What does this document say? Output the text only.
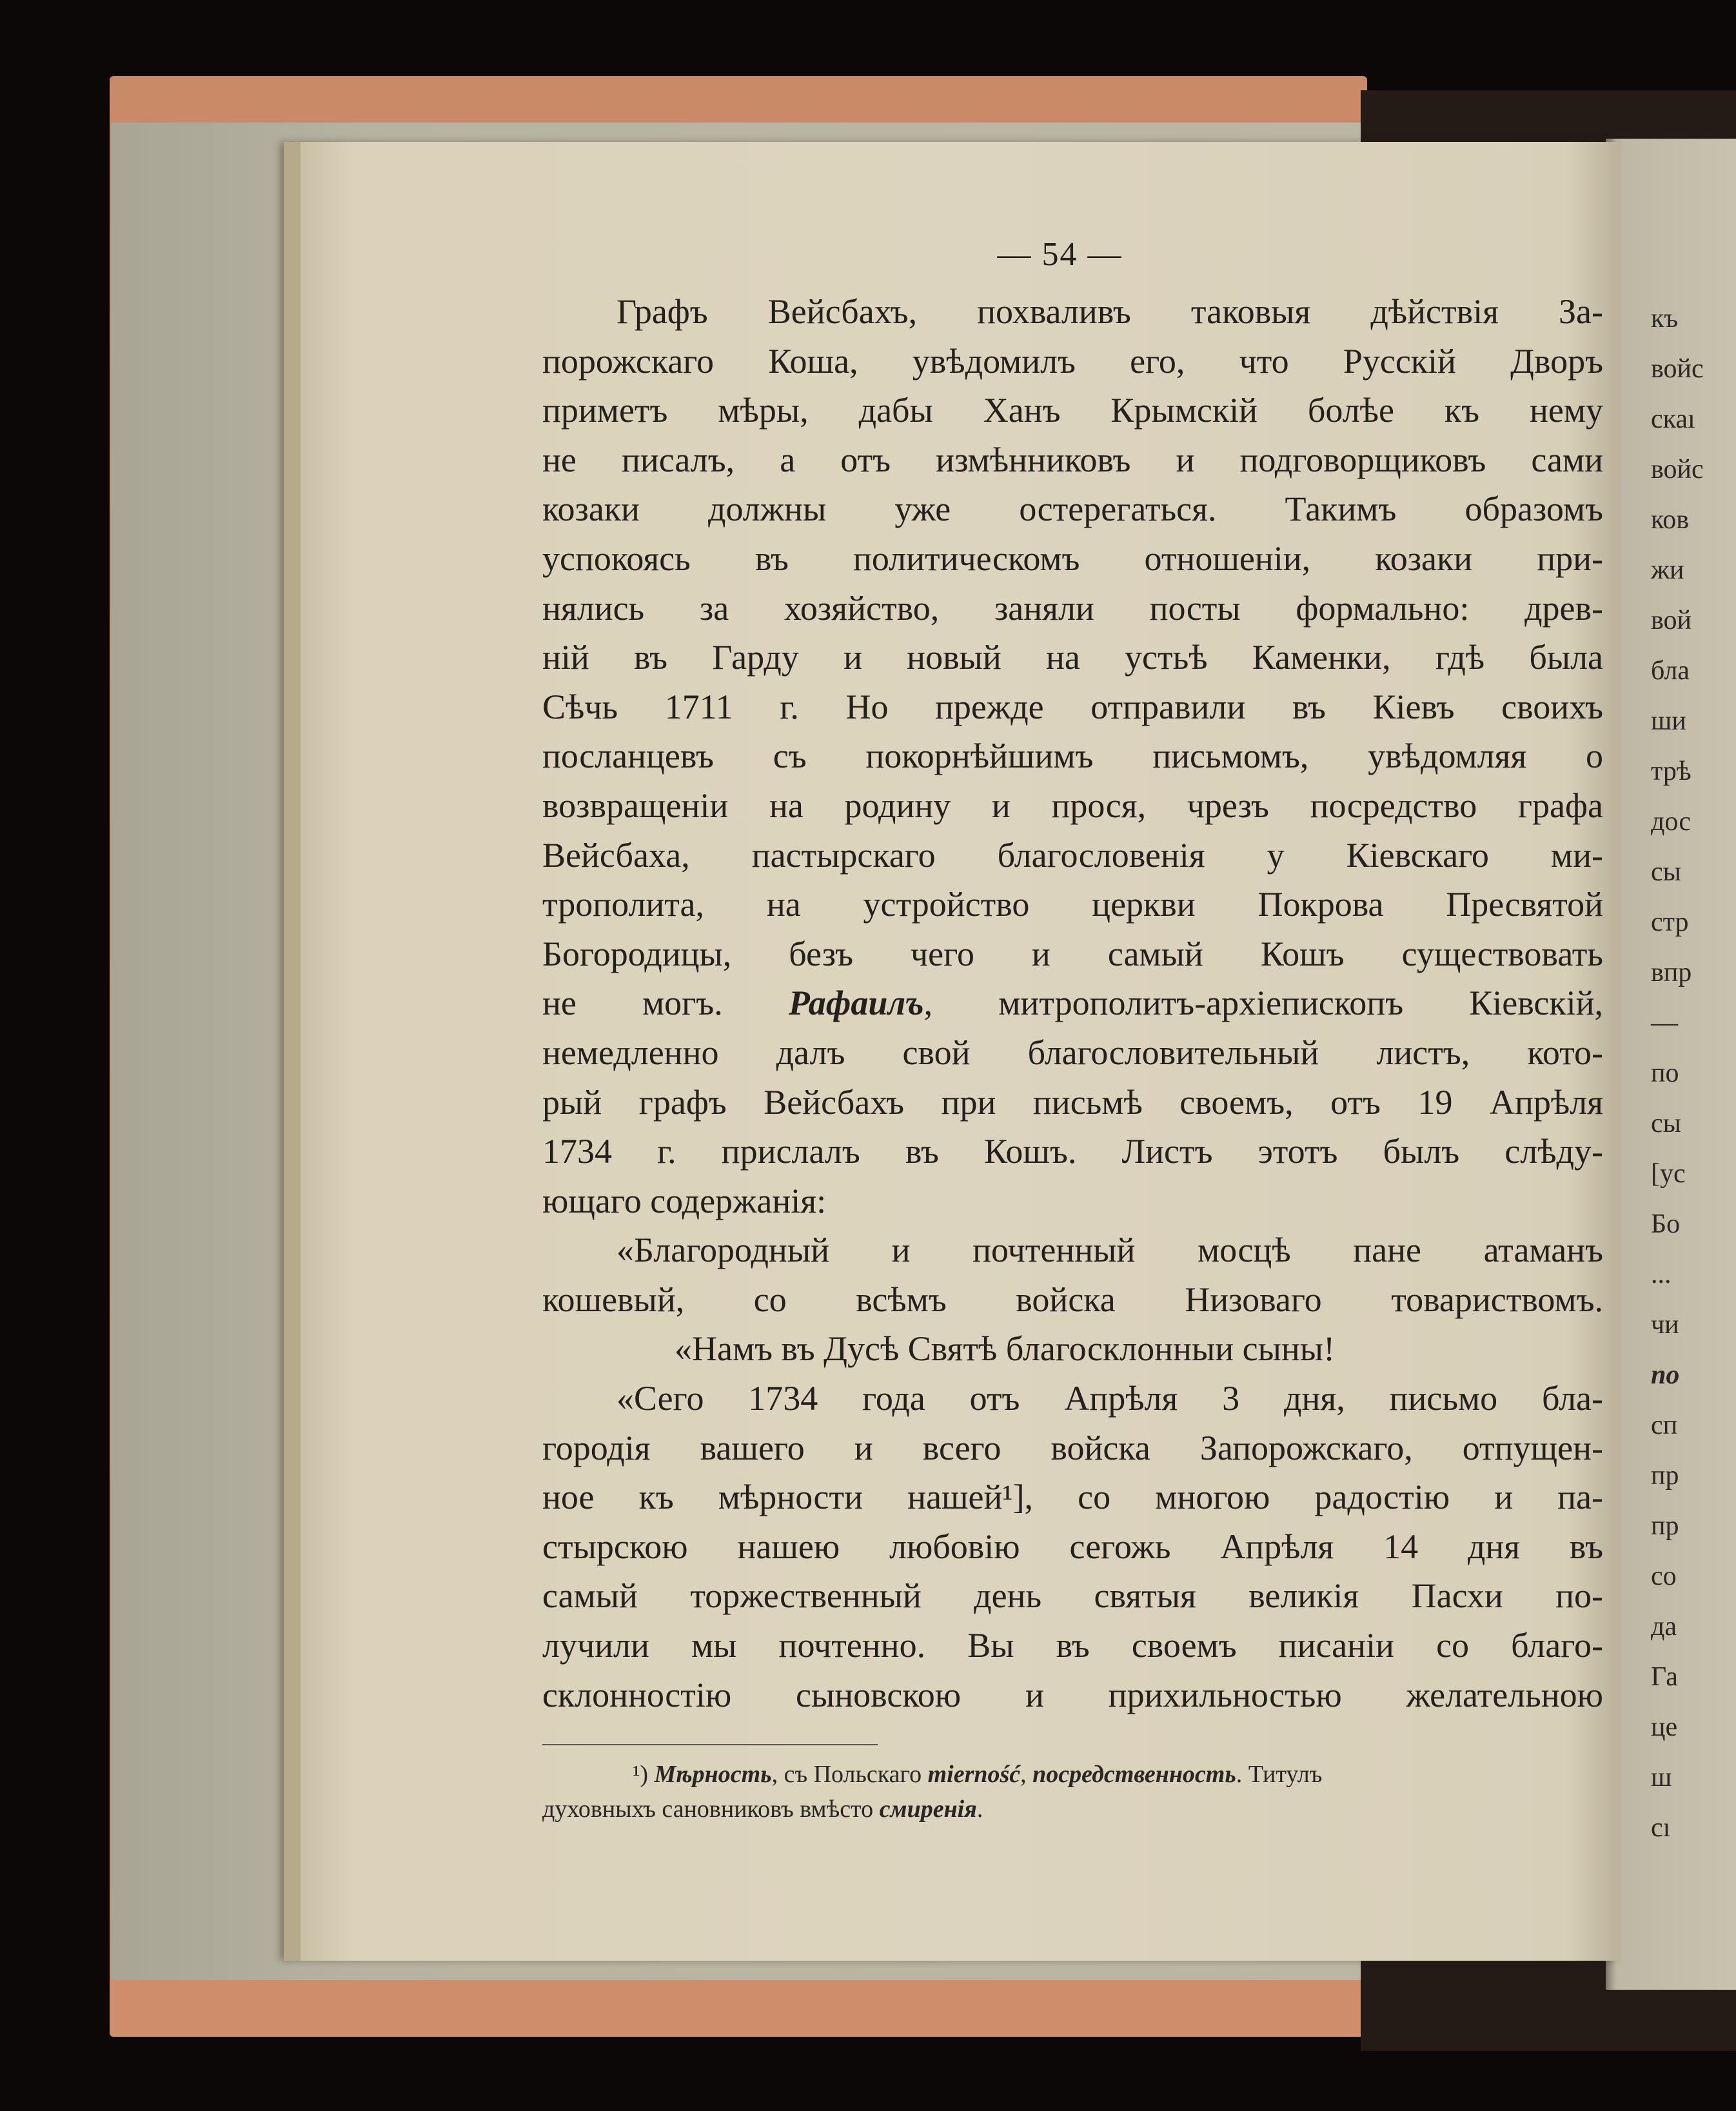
къ
войс
скаı
войс
ков
жи
вой
бла
ши
трѣ
дос
сы
стр
впр
—
по
сы
[ус
Бо
...
чи
по
сп
пр
пр
со
да
Га
це
ш
сı
— 54 —
Графъ Вейсбахъ, похваливъ таковыя дѣйствія За-
порожскаго Коша, увѣдомилъ его, что Русскій Дворъ
приметъ мѣры, дабы Ханъ Крымскій болѣе къ нему
не писалъ, а отъ измѣнниковъ и подговорщиковъ сами
козаки должны уже остерегаться. Такимъ образомъ
успокоясь въ политическомъ отношеніи, козаки при-
нялись за хозяйство, заняли посты формально: древ-
ній въ Гарду и новый на устьѣ Каменки, гдѣ была
Сѣчь 1711 г. Но прежде отправили въ Кіевъ своихъ
посланцевъ съ покорнѣйшимъ письмомъ, увѣдомляя о
возвращеніи на родину и прося, чрезъ посредство графа
Вейсбаха, пастырскаго благословенія у Кіевскаго ми-
трополита, на устройство церкви Покрова Пресвятой
Богородицы, безъ чего и самый Кошъ существовать
не могъ. Рафаилъ, митрополитъ-архіепископъ Кіевскій,
немедленно далъ свой благословительный листъ, кото-
рый графъ Вейсбахъ при письмѣ своемъ, отъ 19 Апрѣля
1734 г. прислалъ въ Кошъ. Листъ этотъ былъ слѣду-
ющаго содержанія:
«Благородный и почтенный мосцѣ пане атаманъ
кошевый, со всѣмъ войска Низоваго товариствомъ.
«Намъ въ Дусѣ Святѣ благосклонныи сыны!
«Сего 1734 года отъ Апрѣля 3 дня, письмо бла-
городія вашего и всего войска Запорожскаго, отпущен-
ное къ мѣрности нашей¹], со многою радостію и па-
стырскою нашею любовію сегожь Апрѣля 14 дня въ
самый торжественный день святыя великія Пасхи по-
лучили мы почтенно. Вы въ своемъ писаніи со благо-
склонностію сыновскою и прихильностью желательною
¹) Мѣрность, съ Польскаго mierność, посредственность. Титулъ
духовныхъ сановниковъ вмѣсто смиренія.
